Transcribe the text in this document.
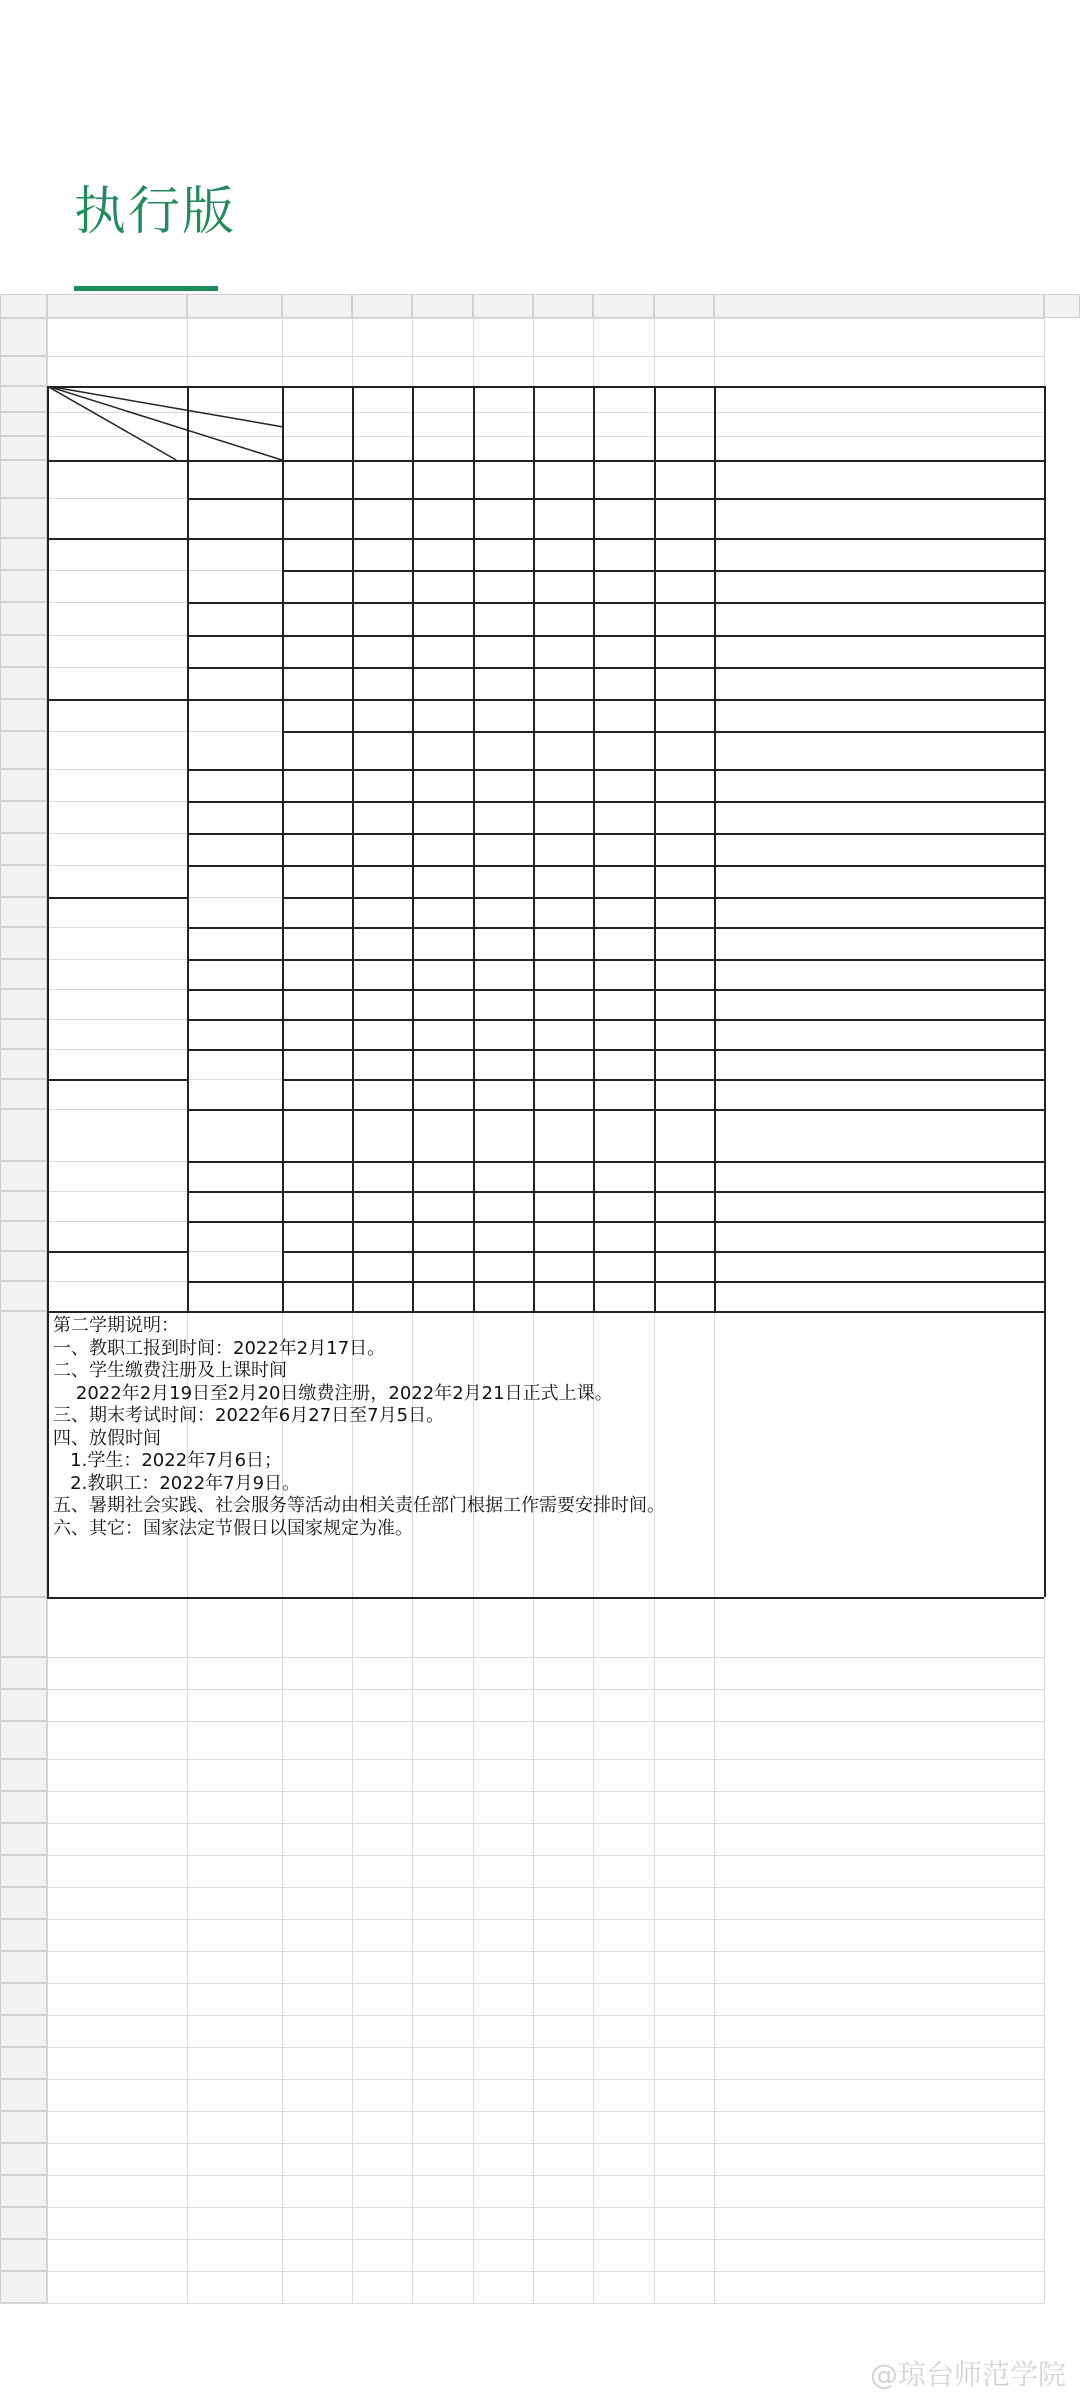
执行版
第二学期说明：
一、教职工报到时间：2022年2月17日。
二、学生缴费注册及上课时间
2022年2月19日至2月20日缴费注册，2022年2月21日正式上课。
三、期末考试时间：2022年6月27日至7月5日。
四、放假时间
1.学生：2022年7月6日；
2.教职工：2022年7月9日。
五、暑期社会实践、社会服务等活动由相关责任部门根据工作需要安排时间。
六、其它：国家法定节假日以国家规定为准。
@琼台师范学院
